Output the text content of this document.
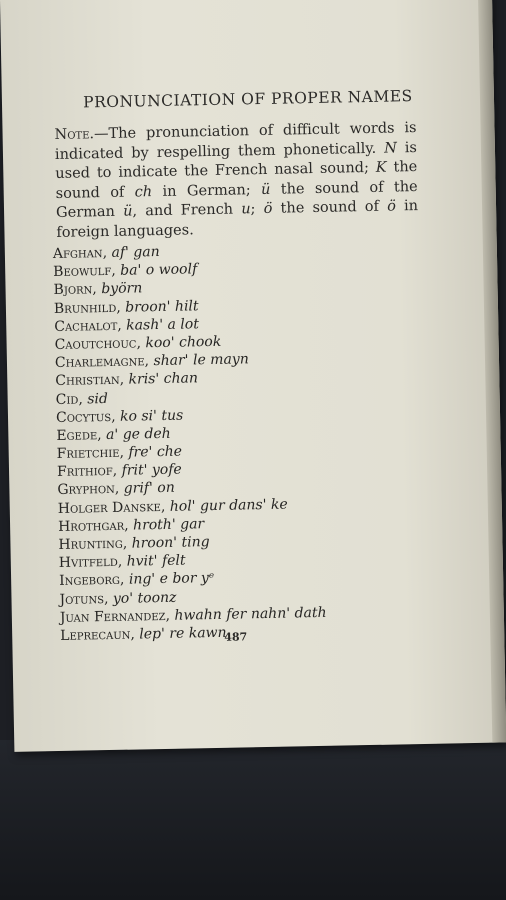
PRONUNCIATION OF PROPER NAMES
Note.—The pronunciation of difficult words is indicated by respelling them phonetically. N is used to indicate the French nasal sound; K the sound of ch in German; ü the sound of the German ü, and French u; ö the sound of ö in foreign languages.
Afghan, af' gan
Beowulf, ba' o woolf
Bjorn, byörn
Brunhild, broon' hilt
Cachalot, kash' a lot
Caoutchouc, koo' chook
Charlemagne, shar' le mayn
Christian, kris' chan
Cid, sid
Cocytus, ko si' tus
Egede, a' ge deh
Frietchie, fre' che
Frithiof, frit' yofe
Gryphon, grif' on
Holger Danske, hol' gur dans' ke
Hrothgar, hroth' gar
Hrunting, hroon' ting
Hvitfeld, hvit' felt
Ingeborg, ing' e bor yᵉ
Jotuns, yo' toonz
Juan Fernandez, hwahn fer nahn' dath
Leprecaun, lep' re kawn
487
